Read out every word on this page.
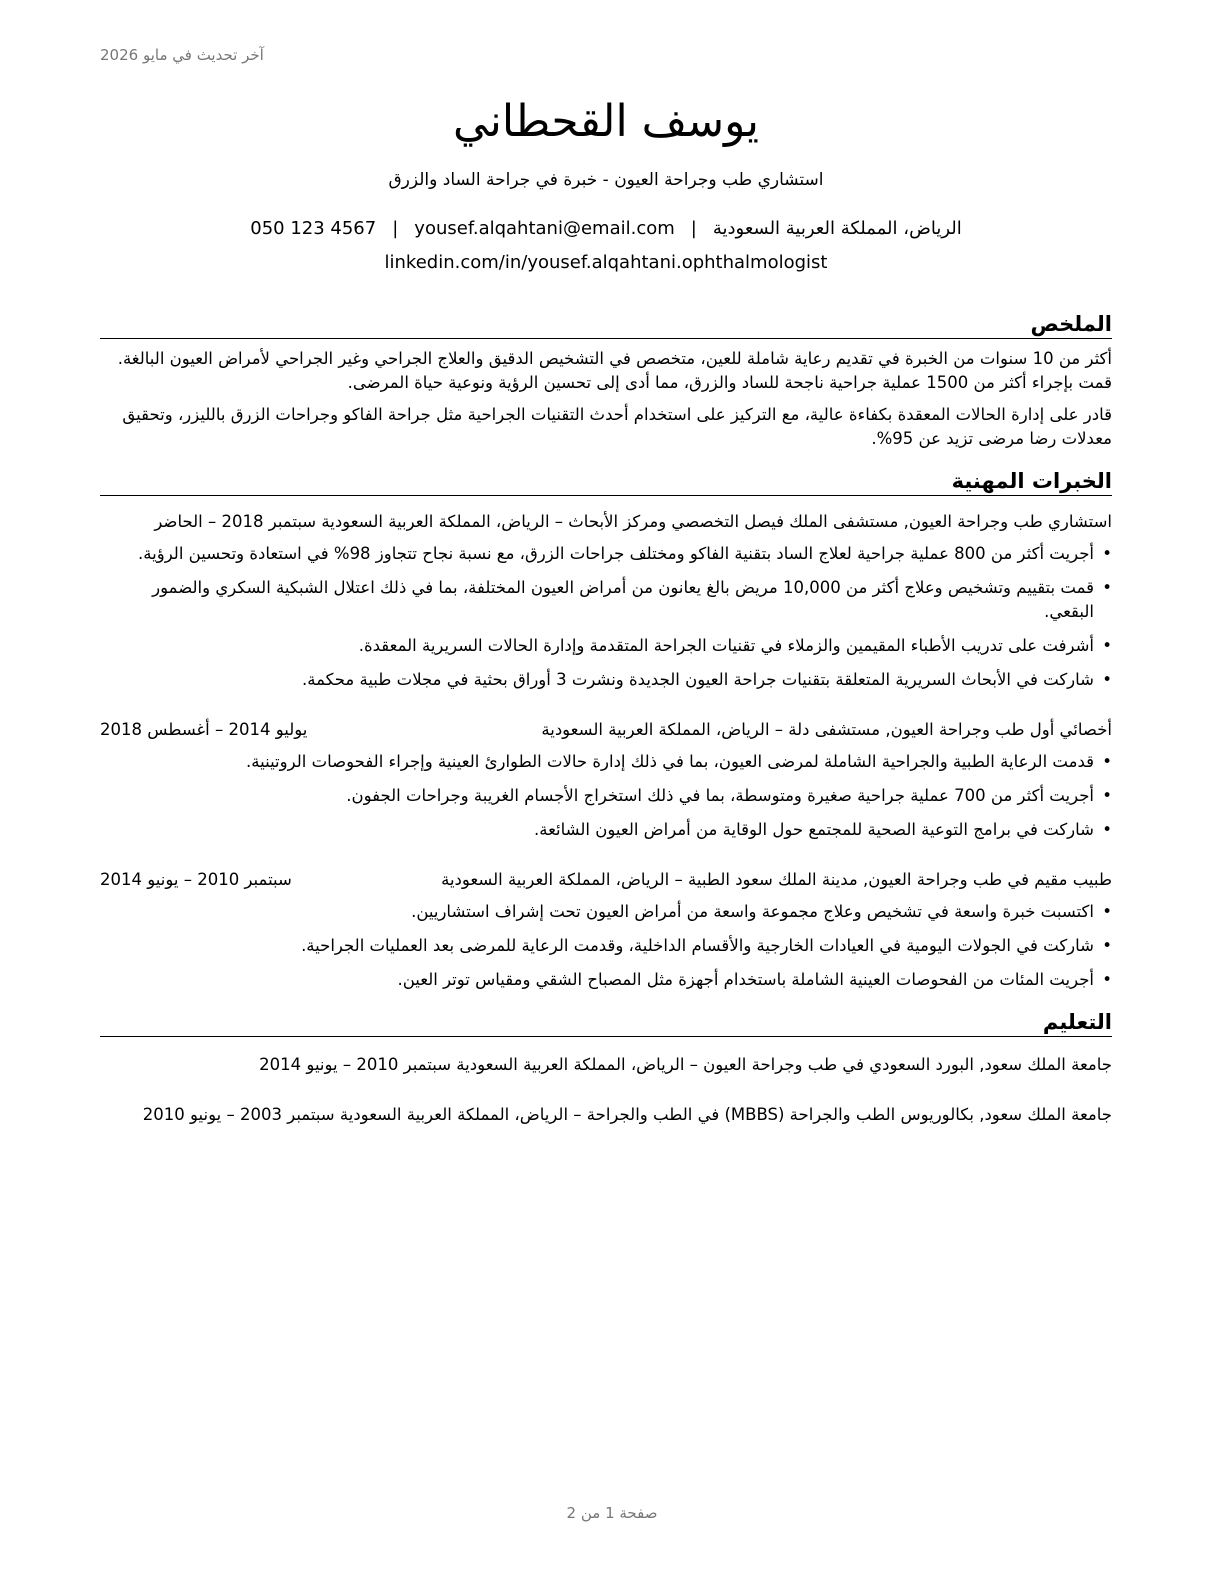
آخر تحديث في مايو 2026
يوسف القحطاني
استشاري طب وجراحة العيون - خبرة في جراحة الساد والزرق
الرياض، المملكة العربية السعودية|yousef.alqahtani@email.com|050 123 4567
linkedin.com/in/yousef.alqahtani.ophthalmologist
الملخص
أكثر من 10 سنوات من الخبرة في تقديم رعاية شاملة للعين، متخصص في التشخيص الدقيق والعلاج الجراحي وغير الجراحي لأمراض العيون البالغة. قمت بإجراء أكثر من 1500 عملية جراحية ناجحة للساد والزرق، مما أدى إلى تحسين الرؤية ونوعية حياة المرضى.
قادر على إدارة الحالات المعقدة بكفاءة عالية، مع التركيز على استخدام أحدث التقنيات الجراحية مثل جراحة الفاكو وجراحات الزرق بالليزر، وتحقيق معدلات رضا مرضى تزيد عن 95%.
الخبرات المهنية
استشاري طب وجراحة العيون, مستشفى الملك فيصل التخصصي ومركز الأبحاث – الرياض، المملكة العربية السعودية سبتمبر 2018 – الحاضر
• أجريت أكثر من 800 عملية جراحية لعلاج الساد بتقنية الفاكو ومختلف جراحات الزرق، مع نسبة نجاح تتجاوز 98% في استعادة وتحسين الرؤية.
• قمت بتقييم وتشخيص وعلاج أكثر من 10,000 مريض بالغ يعانون من أمراض العيون المختلفة، بما في ذلك اعتلال الشبكية السكري والضمور البقعي.
• أشرفت على تدريب الأطباء المقيمين والزملاء في تقنيات الجراحة المتقدمة وإدارة الحالات السريرية المعقدة.
• شاركت في الأبحاث السريرية المتعلقة بتقنيات جراحة العيون الجديدة ونشرت 3 أوراق بحثية في مجلات طبية محكمة.
أخصائي أول طب وجراحة العيون, مستشفى دلة – الرياض، المملكة العربية السعودية
يوليو 2014 – أغسطس 2018
• قدمت الرعاية الطبية والجراحية الشاملة لمرضى العيون، بما في ذلك إدارة حالات الطوارئ العينية وإجراء الفحوصات الروتينية.
• أجريت أكثر من 700 عملية جراحية صغيرة ومتوسطة، بما في ذلك استخراج الأجسام الغريبة وجراحات الجفون.
• شاركت في برامج التوعية الصحية للمجتمع حول الوقاية من أمراض العيون الشائعة.
طبيب مقيم في طب وجراحة العيون, مدينة الملك سعود الطبية – الرياض، المملكة العربية السعودية
سبتمبر 2010 – يونيو 2014
• اكتسبت خبرة واسعة في تشخيص وعلاج مجموعة واسعة من أمراض العيون تحت إشراف استشاريين.
• شاركت في الجولات اليومية في العيادات الخارجية والأقسام الداخلية، وقدمت الرعاية للمرضى بعد العمليات الجراحية.
• أجريت المئات من الفحوصات العينية الشاملة باستخدام أجهزة مثل المصباح الشقي ومقياس توتر العين.
التعليم
جامعة الملك سعود, البورد السعودي في طب وجراحة العيون – الرياض، المملكة العربية السعودية سبتمبر 2010 – يونيو 2014
جامعة الملك سعود, بكالوريوس الطب والجراحة (MBBS) في الطب والجراحة – الرياض، المملكة العربية السعودية سبتمبر 2003 – يونيو 2010
صفحة 1 من 2
